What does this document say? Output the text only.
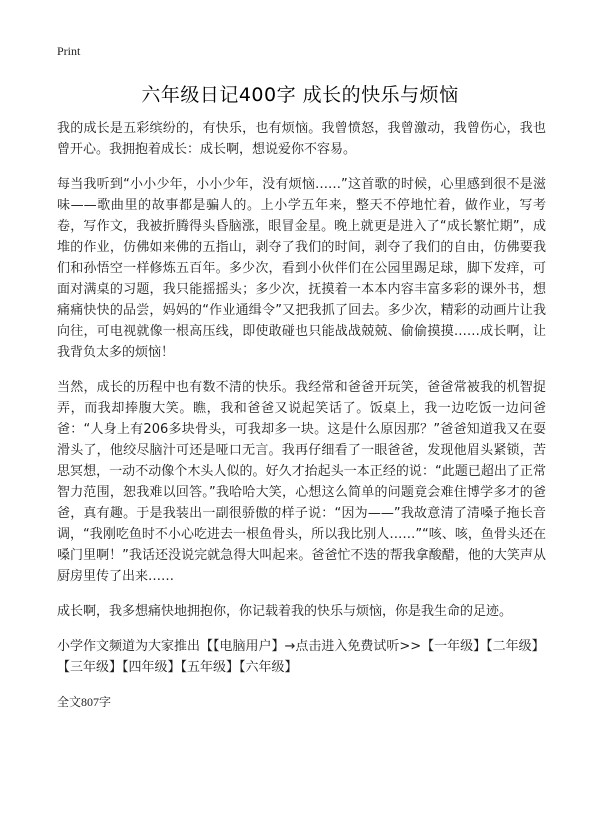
Print
六年级日记400字 成长的快乐与烦恼

我的成长是五彩缤纷的，有快乐，也有烦恼。我曾愤怒，我曾激动，我曾伤心，我也曾开心。我拥抱着成长：成长啊，想说爱你不容易。

每当我听到“小小少年，小小少年，没有烦恼……”这首歌的时候，心里感到很不是滋味——歌曲里的故事都是骗人的。上小学五年来，整天不停地忙着，做作业，写考卷，写作文，我被折腾得头昏脑涨，眼冒金星。晚上就更是进入了“成长繁忙期”，成堆的作业，仿佛如来佛的五指山，剥夺了我们的时间，剥夺了我们的自由，仿佛要我们和孙悟空一样修炼五百年。多少次，看到小伙伴们在公园里踢足球，脚下发痒，可面对满桌的习题，我只能摇摇头；多少次，抚摸着一本本内容丰富多彩的课外书，想痛痛快快的品尝，妈妈的“作业通缉令”又把我抓了回去。多少次，精彩的动画片让我向往，可电视就像一根高压线，即使敢碰也只能战战兢兢、偷偷摸摸……成长啊，让我背负太多的烦恼！

当然，成长的历程中也有数不清的快乐。我经常和爸爸开玩笑，爸爸常被我的机智捉弄，而我却捧腹大笑。瞧，我和爸爸又说起笑话了。饭桌上，我一边吃饭一边问爸爸：“人身上有206多块骨头，可我却多一块。这是什么原因那？”爸爸知道我又在耍滑头了，他绞尽脑汁可还是哑口无言。我再仔细看了一眼爸爸，发现他眉头紧锁，苦思冥想，一动不动像个木头人似的。好久才抬起头一本正经的说：“此题已超出了正常智力范围，恕我难以回答。”我哈哈大笑，心想这么简单的问题竟会难住博学多才的爸爸，真有趣。于是我装出一副很骄傲的样子说：“因为——”我故意清了清嗓子拖长音调，“我刚吃鱼时不小心吃进去一根鱼骨头，所以我比别人……”“咳、咳，鱼骨头还在嗓门里啊！”我话还没说完就急得大叫起来。爸爸忙不迭的帮我拿酸醋，他的大笑声从厨房里传了出来……

成长啊，我多想痛快地拥抱你，你记载着我的快乐与烦恼，你是我生命的足迹。

小学作文频道为大家推出【【电脑用户】→点击进入免费试听>>【一年级】【二年级】【三年级】【四年级】【五年级】【六年级】

全文807字
